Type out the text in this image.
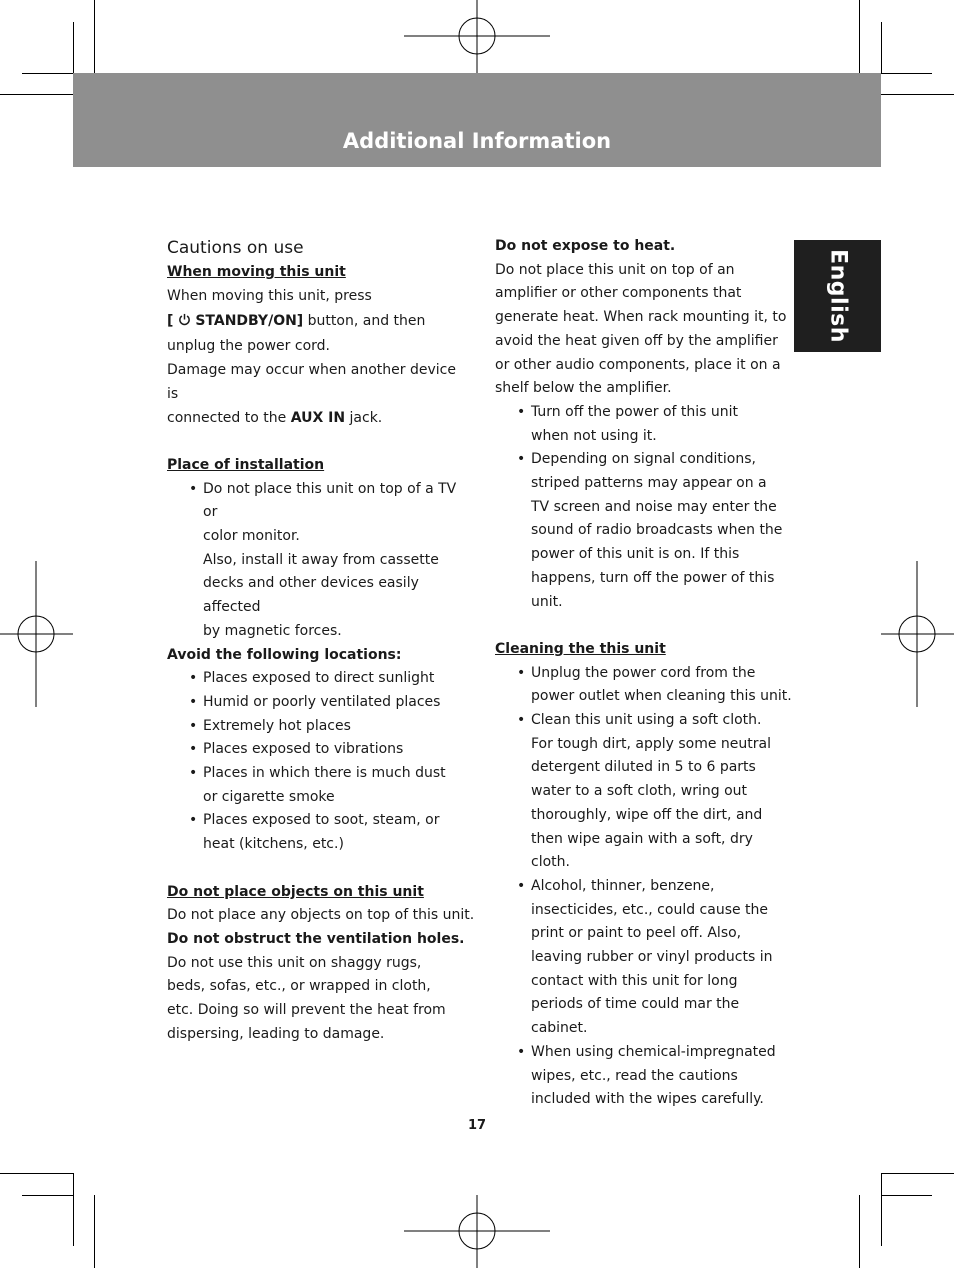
Additional Information
English
Cautions on use

When moving this unit

When moving this unit, press

[ STANDBY/ON] button, and then

unplug the power cord.

Damage may occur when another device is

connected to the AUX IN jack.

Place of installation

• Do not place this unit on top of a TV or
color monitor.
Also, install it away from cassette
decks and other devices easily affected
by magnetic forces.

Avoid the following locations:

• Places exposed to direct sunlight
• Humid or poorly ventilated places
• Extremely hot places
• Places exposed to vibrations
• Places in which there is much dust or cigarette smoke
• Places exposed to soot, steam, or heat (kitchens, etc.)

Do not place objects on this unit

Do not place any objects on top of this unit.

Do not obstruct the ventilation holes.

Do not use this unit on shaggy rugs, beds, sofas, etc., or wrapped in cloth, etc. Doing so will prevent the heat from dispersing, leading to damage.

Do not expose to heat.

Do not place this unit on top of an amplifier or other components that generate heat. When rack mounting it, to avoid the heat given off by the amplifier or other audio components, place it on a shelf below the amplifier.

• Turn off the power of this unit when not using it.
• Depending on signal conditions, striped patterns may appear on a TV screen and noise may enter the sound of radio broadcasts when the power of this unit is on. If this happens, turn off the power of this unit.

Cleaning the this unit

• Unplug the power cord from the power outlet when cleaning this unit.
• Clean this unit using a soft cloth.
For tough dirt, apply some neutral detergent diluted in 5 to 6 parts water to a soft cloth, wring out thoroughly, wipe off the dirt, and then wipe again with a soft, dry cloth.
• Alcohol, thinner, benzene, insecticides, etc., could cause the print or paint to peel off. Also, leaving rubber or vinyl products in contact with this unit for long periods of time could mar the cabinet.
• When using chemical-impregnated wipes, etc., read the cautions included with the wipes carefully.
17
